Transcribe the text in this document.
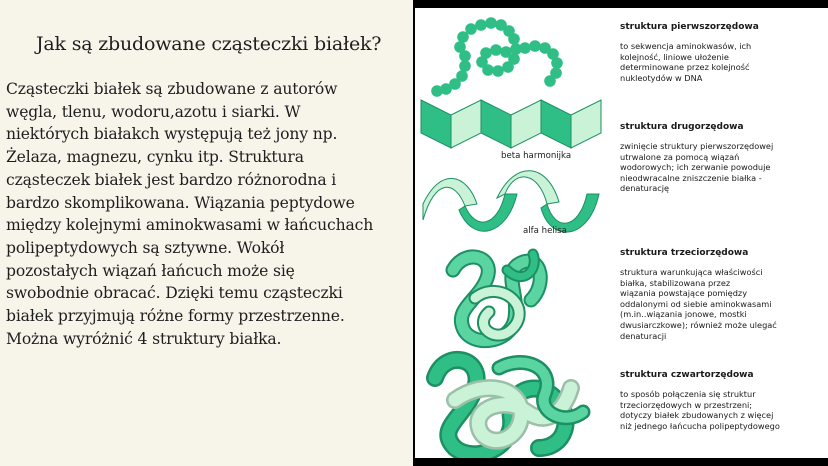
Jak są zbudowane cząsteczki białek?
Cząsteczki białek są zbudowane z autorów
węgla, tlenu, wodoru,azotu i siarki. W
niektórych białakch występują też jony np.
Żelaza, magnezu, cynku itp. Struktura
cząsteczek białek jest bardzo różnorodna i
bardzo skomplikowana. Wiązania peptydowe
między kolejnymi aminokwasami w łańcuchach
polipeptydowych są sztywne. Wokół
pozostałych wiązań łańcuch może się
swobodnie obracać. Dzięki temu cząsteczki
białek przyjmują różne formy przestrzenne.
Można wyróżnić 4 struktury białka.
beta harmonijka
alfa helisa
struktura pierwszorzędowa
to sekwencja aminokwasów, ich
kolejność, liniowe ułożenie
determinowane przez kolejność
nukleotydów w DNA
struktura drugorzędowa
zwinięcie struktury pierwszorzędowej
utrwalone za pomocą wiązań
wodorowych; ich zerwanie powoduje
nieodwracalne zniszczenie białka -
denaturację
struktura trzeciorzędowa
struktura warunkująca właściwości
białka, stabilizowana przez
wiązania powstające pomiędzy
oddalonymi od siebie aminokwasami
(m.in..wiązania jonowe, mostki
dwusiarczkowe); również może ulegać
denaturacji
struktura czwartorzędowa
to sposób połączenia się struktur
trzeciorzędowych w przestrzeni;
dotyczy białek zbudowanych z więcej
niż jednego łańcucha polipeptydowego
